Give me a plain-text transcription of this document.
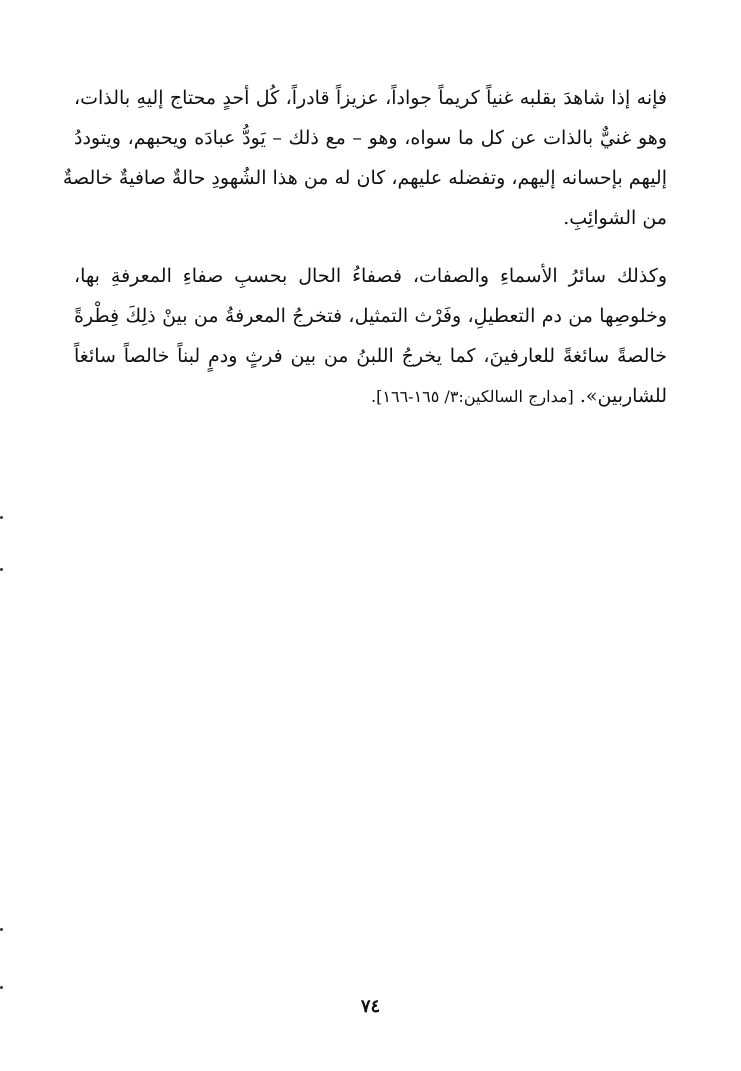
فإنه إذا شاهدَ بقلبه غنياً كريماً جواداً، عزيزاً قادراً، كُل أحدٍ محتاج إليهِ بالذات،
وهو غنيٌّ بالذات عن كل ما سواه، وهو – مع ذلك – يَودُّ عبادَه ويحبهم، ويتوددُ
إليهم بإحسانه إليهم، وتفضله عليهم، كان له من هذا الشُهودِ حالةٌ صافيةٌ خالصةٌ
من الشوائِبِ.
وكذلك سائرُ الأسماءِ والصفات، فصفاءُ الحال بحسبِ صفاءِ المعرفةِ بها،
وخلوصِها من دم التعطيلِ، وفَرْث التمثيل، فتخرجُ المعرفةُ من بينْ ذلِكَ فِطْرةً
خالصةً سائغةً للعارفينَ، كما يخرجُ اللبنُ من بين فرثٍ ودمٍ لبناً خالصاً سائغاً
للشاربين». [مدارج السالكين:٣/ ١٦٥-١٦٦].
٧٤
